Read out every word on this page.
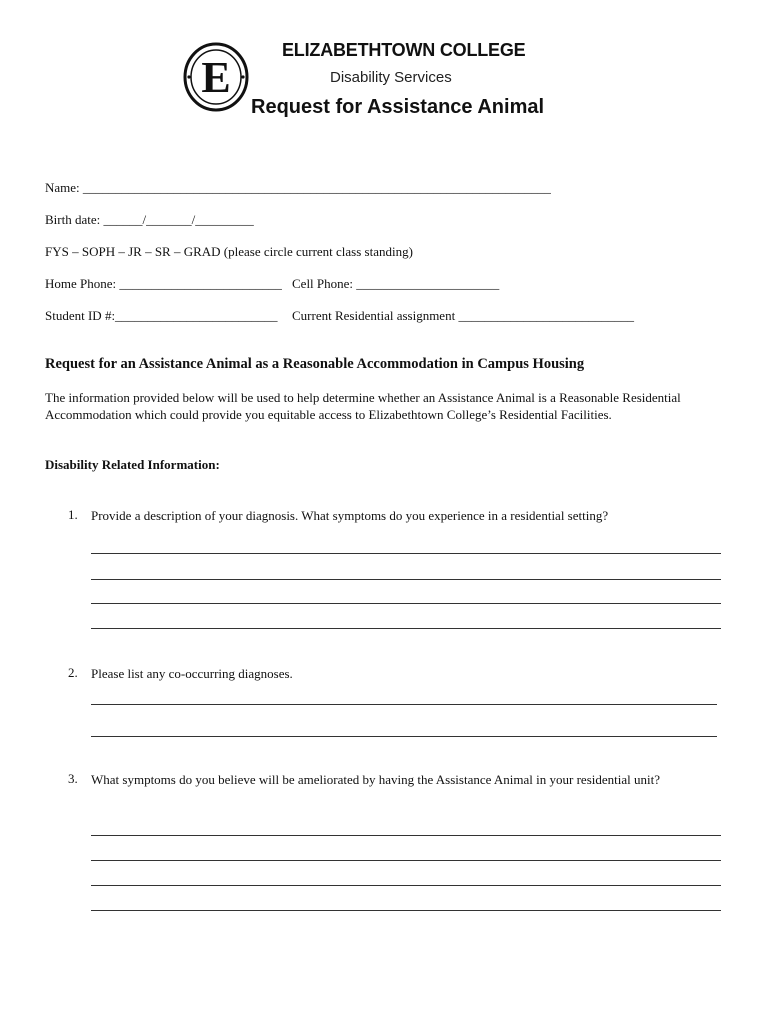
E
ELIZABETHTOWN COLLEGE
Disability Services
Request for Assistance Animal
Name: ________________________________________________________________________
Birth date: ______/_______/_________
FYS – SOPH – JR – SR – GRAD (please circle current class standing)
Home Phone: _________________________ Cell Phone: ______________________
Student ID #:_________________________ Current Residential assignment ___________________________
Request for an Assistance Animal as a Reasonable Accommodation in Campus Housing
The information provided below will be used to help determine whether an Assistance Animal is a Reasonable Residential Accommodation which could provide you equitable access to Elizabethtown College’s Residential Facilities.
Disability Related Information:
1. Provide a description of your diagnosis. What symptoms do you experience in a residential setting?
2. Please list any co-occurring diagnoses.
3. What symptoms do you believe will be ameliorated by having the Assistance Animal in your residential unit?
